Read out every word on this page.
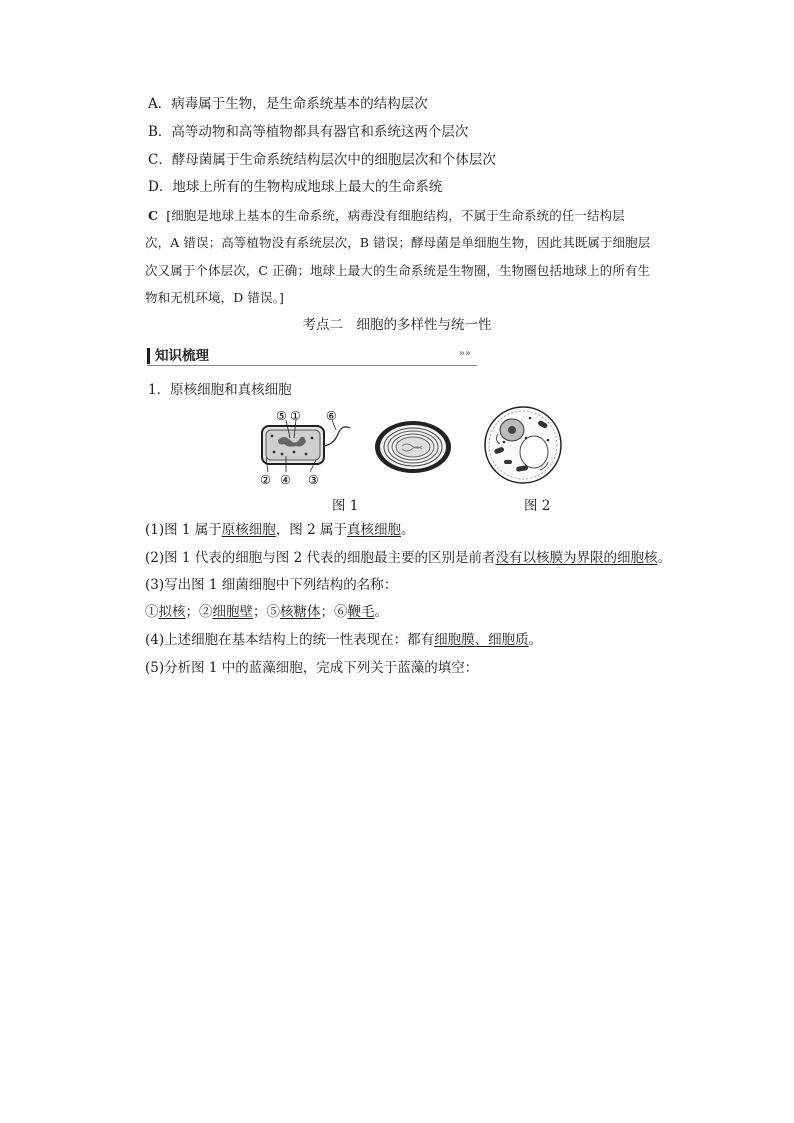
A．病毒属于生物，是生命系统基本的结构层次
B．高等动物和高等植物都具有器官和系统这两个层次
C．酵母菌属于生命系统结构层次中的细胞层次和个体层次
D．地球上所有的生物构成地球上最大的生命系统
C [细胞是地球上基本的生命系统，病毒没有细胞结构，不属于生命系统的任一结构层
次，A 错误；高等植物没有系统层次，B 错误；酵母菌是单细胞生物，因此其既属于细胞层
次又属于个体层次，C 正确；地球上最大的生命系统是生物圈，生物圈包括地球上的所有生
物和无机环境，D 错误。]
考点二　细胞的多样性与统一性
知识梳理	»»
1．原核细胞和真核细胞
⑤ ① ⑥
② ④ ③
图 1	图 2
(1)图 1 属于原核细胞，图 2 属于真核细胞。
(2)图 1 代表的细胞与图 2 代表的细胞最主要的区别是前者没有以核膜为界限的细胞核。
(3)写出图 1 细菌细胞中下列结构的名称：
①拟核；②细胞壁；⑤核糖体；⑥鞭毛。
(4)上述细胞在基本结构上的统一性表现在：都有细胞膜、细胞质。
(5)分析图 1 中的蓝藻细胞，完成下列关于蓝藻的填空：
